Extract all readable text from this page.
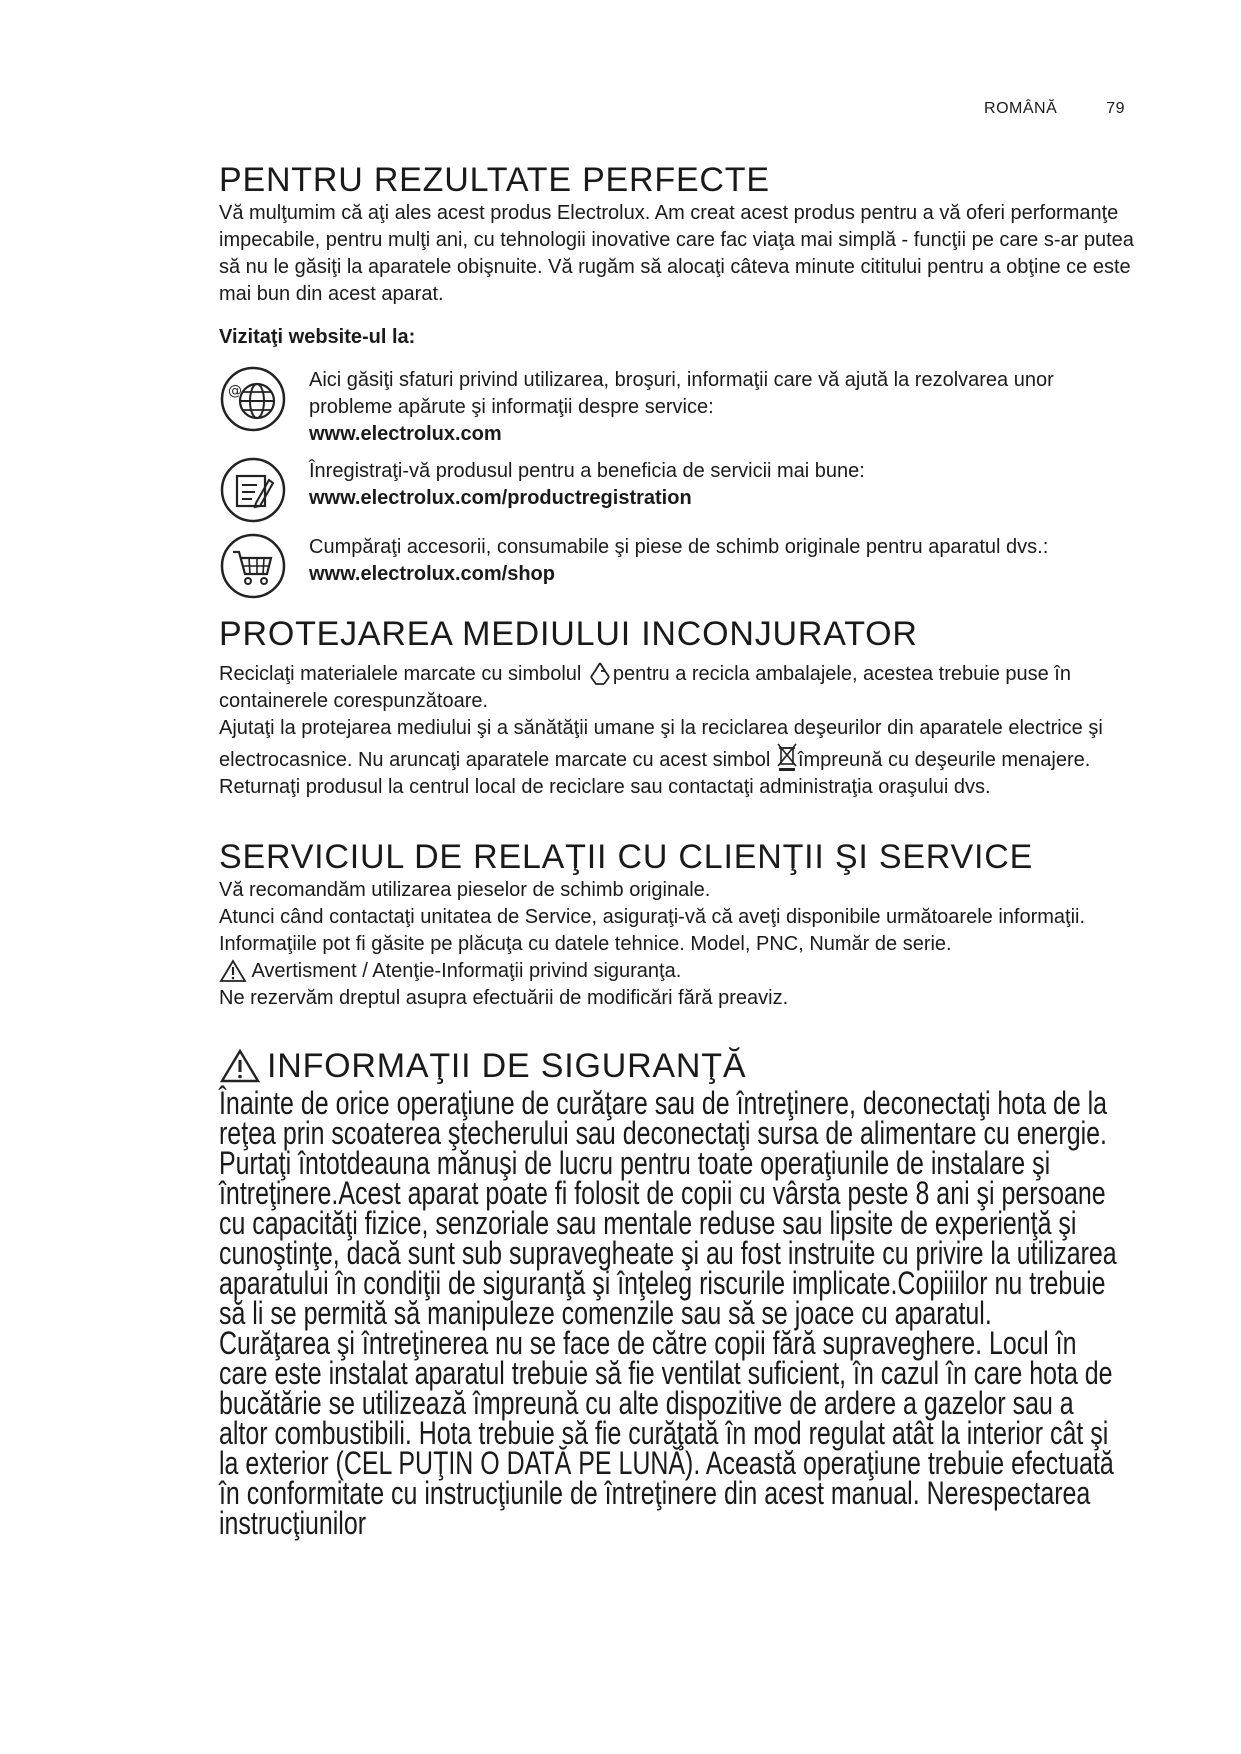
ROMÂNĂ	79
PENTRU REZULTATE PERFECTE

Vă mulţumim că aţi ales acest produs Electrolux. Am creat acest produs pentru a vă oferi performanţe impecabile, pentru mulţi ani, cu tehnologii inovative care fac viaţa mai simplă - funcţii pe care s-ar putea să nu le găsiţi la aparatele obişnuite. Vă rugăm să alocaţi câteva minute cititului pentru a obţine ce este mai bun din acest aparat.

Vizitaţi website-ul la:

@	Aici găsiţi sfaturi privind utilizarea, broşuri, informaţii care vă ajută la rezolvarea unor probleme apărute şi informaţii despre service:

www.electrolux.com

Înregistraţi-vă produsul pentru a beneficia de servicii mai bune:

www.electrolux.com/productregistration

Cumpăraţi accesorii, consumabile şi piese de schimb originale pentru aparatul dvs.:

www.electrolux.com/shop

PROTEJAREA MEDIULUI INCONJURATOR

Reciclaţi materialele marcate cu simbolul pentru a recicla ambalajele, acestea trebuie puse în containerele corespunzătoare.

Ajutaţi la protejarea mediului şi a sănătăţii umane şi la reciclarea deşeurilor din aparatele electrice şi electrocasnice. Nu aruncaţi aparatele marcate cu acest simbol împreună cu deşeurile menajere. Returnaţi produsul la centrul local de reciclare sau contactaţi administraţia oraşului dvs.

SERVICIUL DE RELAŢII CU CLIENŢII ŞI SERVICE

Vă recomandăm utilizarea pieselor de schimb originale.

Atunci când contactaţi unitatea de Service, asiguraţi-vă că aveţi disponibile următoarele informaţii.

Informaţiile pot fi găsite pe plăcuţa cu datele tehnice. Model, PNC, Număr de serie.

Avertisment / Atenţie-Informaţii privind siguranţa.

Ne rezervăm dreptul asupra efectuării de modificări fără preaviz.

INFORMAŢII DE SIGURANŢĂ

Înainte de orice operaţiune de curăţare sau de întreţinere, deconectaţi hota de la reţea prin scoaterea ştecherului sau deconectaţi sursa de alimentare cu energie. Purtaţi întotdeauna mănuşi de lucru pentru toate operaţiunile de instalare şi întreţinere.Acest aparat poate fi folosit de copii cu vârsta peste 8 ani şi persoane cu capacităţi fizice, senzoriale sau mentale reduse sau lipsite de experienţă şi cunoştinţe, dacă sunt sub supravegheate şi au fost instruite cu privire la utilizarea aparatului în condiţii de siguranţă şi înţeleg riscurile implicate.Copiiilor nu trebuie să li se permită să manipuleze comenzile sau să se joace cu aparatul.

Curăţarea şi întreţinerea nu se face de către copii fără supraveghere. Locul în care este instalat aparatul trebuie să fie ventilat suficient, în cazul în care hota de bucătărie se utilizează împreună cu alte dispozitive de ardere a gazelor sau a altor combustibili. Hota trebuie să fie curăţată în mod regulat atât la interior cât şi la exterior (CEL PUŢIN O DATĂ PE LUNĂ). Această operaţiune trebuie efectuată în conformitate cu instrucţiunile de întreţinere din acest manual. Nerespectarea instrucţiunilor
